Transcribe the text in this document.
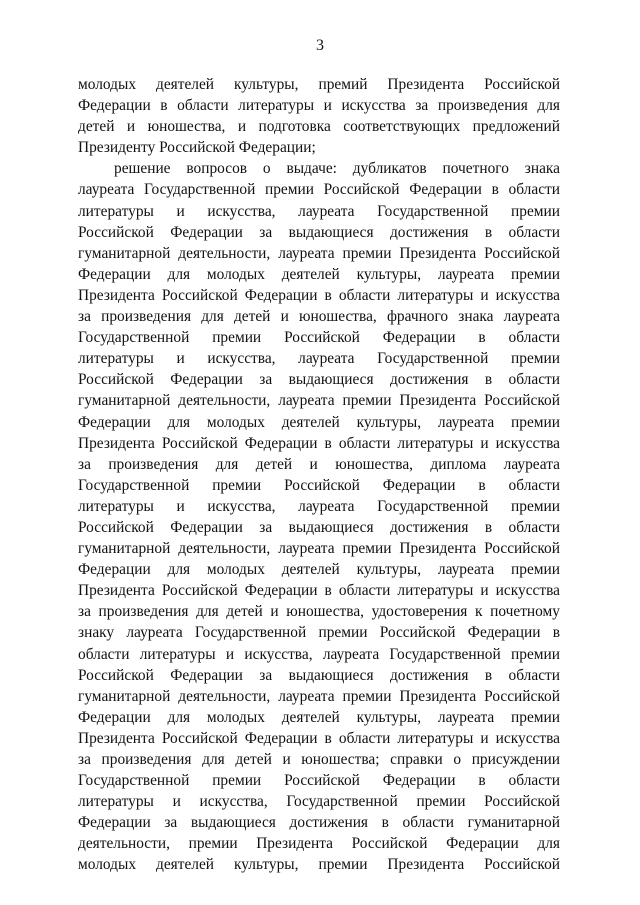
3
молодых деятелей культуры, премий Президента Российской
Федерации в области литературы и искусства за произведения для
детей и юношества, и подготовка соответствующих предложений
Президенту Российской Федерации;
решение вопросов о выдаче: дубликатов почетного знака
лауреата Государственной премии Российской Федерации в области
литературы и искусства, лауреата Государственной премии
Российской Федерации за выдающиеся достижения в области
гуманитарной деятельности, лауреата премии Президента Российской
Федерации для молодых деятелей культуры, лауреата премии
Президента Российской Федерации в области литературы и искусства
за произведения для детей и юношества, фрачного знака лауреата
Государственной премии Российской Федерации в области
литературы и искусства, лауреата Государственной премии
Российской Федерации за выдающиеся достижения в области
гуманитарной деятельности, лауреата премии Президента Российской
Федерации для молодых деятелей культуры, лауреата премии
Президента Российской Федерации в области литературы и искусства
за произведения для детей и юношества, диплома лауреата
Государственной премии Российской Федерации в области
литературы и искусства, лауреата Государственной премии
Российской Федерации за выдающиеся достижения в области
гуманитарной деятельности, лауреата премии Президента Российской
Федерации для молодых деятелей культуры, лауреата премии
Президента Российской Федерации в области литературы и искусства
за произведения для детей и юношества, удостоверения к почетному
знаку лауреата Государственной премии Российской Федерации в
области литературы и искусства, лауреата Государственной премии
Российской Федерации за выдающиеся достижения в области
гуманитарной деятельности, лауреата премии Президента Российской
Федерации для молодых деятелей культуры, лауреата премии
Президента Российской Федерации в области литературы и искусства
за произведения для детей и юношества; справки о присуждении
Государственной премии Российской Федерации в области
литературы и искусства, Государственной премии Российской
Федерации за выдающиеся достижения в области гуманитарной
деятельности, премии Президента Российской Федерации для
молодых деятелей культуры, премии Президента Российской
